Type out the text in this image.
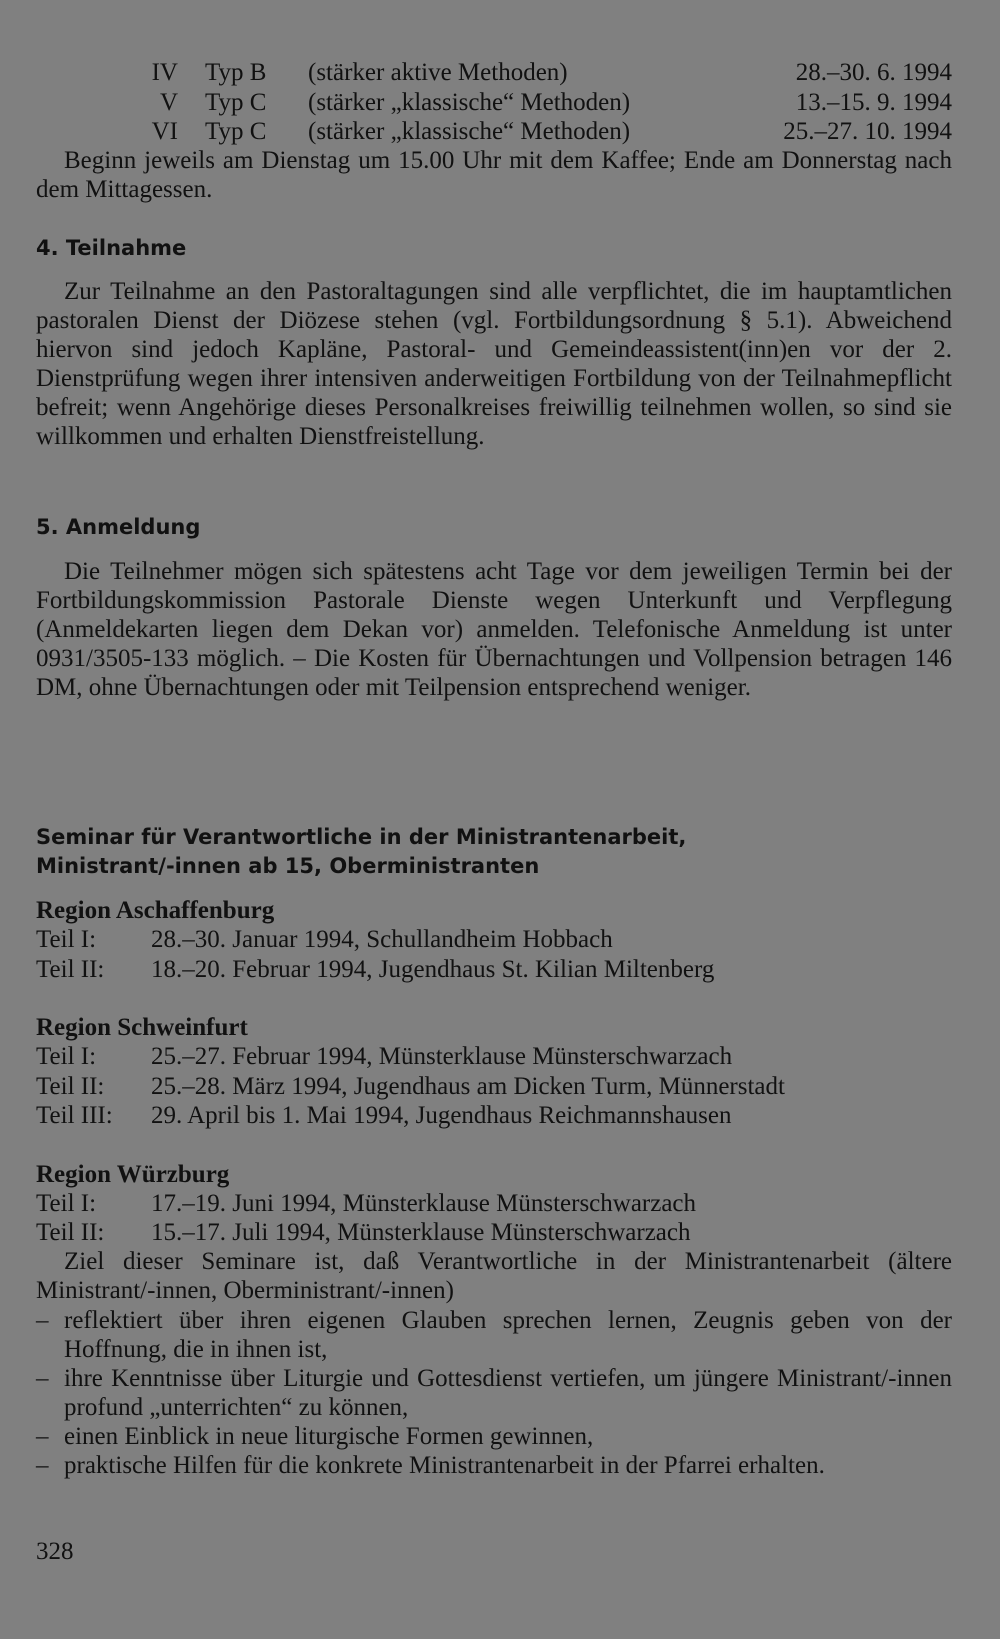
IV Typ B (stärker aktive Methoden)	28.–30. 6. 1994
V Typ C (stärker „klassische“ Methoden)	13.–15. 9. 1994
VI Typ C (stärker „klassische“ Methoden)	25.–27. 10. 1994

Beginn jeweils am Dienstag um 15.00 Uhr mit dem Kaffee; Ende am Donnerstag nach dem Mittagessen.

4. Teilnahme

Zur Teilnahme an den Pastoraltagungen sind alle verpflichtet, die im hauptamtlichen pastoralen Dienst der Diözese stehen (vgl. Fortbildungsordnung § 5.1). Abweichend hiervon sind jedoch Kapläne, Pastoral- und Gemeindeassistent(inn)en vor der 2. Dienstprüfung wegen ihrer intensiven anderweitigen Fortbildung von der Teilnahmepflicht befreit; wenn Angehörige dieses Personalkreises freiwillig teilnehmen wollen, so sind sie willkommen und erhalten Dienstfreistellung.

5. Anmeldung

Die Teilnehmer mögen sich spätestens acht Tage vor dem jeweiligen Termin bei der Fortbildungskommission Pastorale Dienste wegen Unterkunft und Verpflegung (Anmeldekarten liegen dem Dekan vor) anmelden. Telefonische Anmeldung ist unter 0931/3505-133 möglich. – Die Kosten für Übernachtungen und Vollpension betragen 146 DM, ohne Übernachtungen oder mit Teilpension entsprechend weniger.

Seminar für Verantwortliche in der Ministrantenarbeit,
Ministrant/-innen ab 15, Oberministranten
Region Aschaffenburg
Teil I: 28.–30. Januar 1994, Schullandheim Hobbach
Teil II: 18.–20. Februar 1994, Jugendhaus St. Kilian Miltenberg
Region Schweinfurt
Teil I: 25.–27. Februar 1994, Münsterklause Münsterschwarzach
Teil II: 25.–28. März 1994, Jugendhaus am Dicken Turm, Münnerstadt
Teil III: 29. April bis 1. Mai 1994, Jugendhaus Reichmannshausen
Region Würzburg
Teil I: 17.–19. Juni 1994, Münsterklause Münsterschwarzach
Teil II: 15.–17. Juli 1994, Münsterklause Münsterschwarzach

Ziel dieser Seminare ist, daß Verantwortliche in der Ministrantenarbeit (ältere Ministrant/-innen, Oberministrant/-innen)

– reflektiert über ihren eigenen Glauben sprechen lernen, Zeugnis geben von der Hoffnung, die in ihnen ist,
– ihre Kenntnisse über Liturgie und Gottesdienst vertiefen, um jüngere Ministrant/-innen profund „unterrichten“ zu können,
– einen Einblick in neue liturgische Formen gewinnen,
– praktische Hilfen für die konkrete Ministrantenarbeit in der Pfarrei erhalten.

328
